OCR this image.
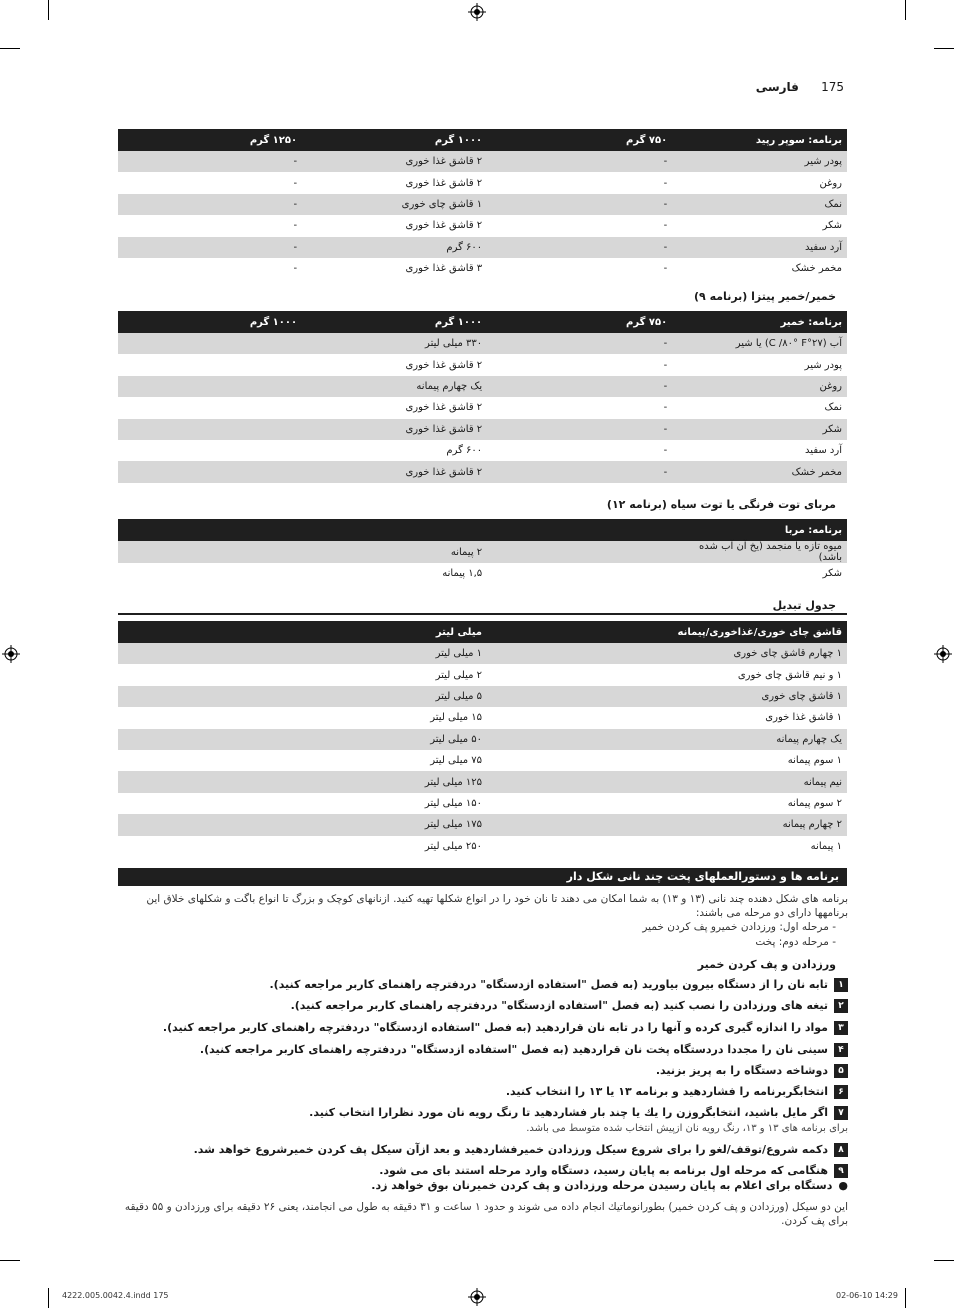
175 فارسی
برنامه: سوپر رپید	۷۵۰ گرم	۱۰۰۰ گرم	۱۲۵۰ گرم
پودر شیر	-	۲ قاشق غذا خوری	-
روغن	-	۲ قاشق غذا خوری	-
نمک	-	۱ قاشق چای خوری	-
شکر	-	۲ قاشق غذا خوری	-
آرد سفید	-	۶۰۰ گرم	-
مخمر خشک	-	۳ قاشق غذا خوری	-
خمیر/خمیر پیتزا (برنامه ۹)
برنامه: خمیر	۷۵۰ گرم	۱۰۰۰ گرم	۱۰۰۰ گرم
آب (۲۷°C /۸۰° F) یا شیر	-	۳۳۰ میلی لیتر	
پودر شیر	-	۲ قاشق غذا خوری	
روغن	-	یک چهارم پیمانه	
نمک	-	۲ قاشق غذا خوری	
شکر	-	۲ قاشق غذا خوری	
آرد سفید	-	۶۰۰ گرم	
مخمر خشک	-	۲ قاشق غذا خوری	
مربای توت فرنگی یا توت سیاه (برنامه ۱۲)
برنامه: مربا			
میوه تازه یا منجمد (یخ آن آب شده باشد)		۲ پیمانه	
شکر		۱,۵ پیمانه	
جدول تبدیل
قاشق چای خوری/غذاخوری/پیمانه	میلی لیتر
۱ چهارم قاشق چای خوری	۱ میلی لیتر
۱ و نیم قاشق چای خوری	۲ میلی لیتر
۱ قاشق چای خوری	۵ میلی لیتر
۱ قاشق غذا خوری	۱۵ میلی لیتر
یک چهارم پیمانه	۵۰ میلی لیتر
۱ سوم پیمانه	۷۵ میلی لیتر
نیم پیمانه	۱۲۵ میلی لیتر
۲ سوم پیمانه	۱۵۰ میلی لیتر
۲ چهارم پیمانه	۱۷۵ میلی لیتر
۱ پیمانه	۲۵۰ میلی لیتر
برنامه ها و دستورالعملهای پخت چند نانی شکل دار
برنامه های شکل دهنده چند نانی (۱۳ و ۱۳) به شما امکان می دهند تا نان خود را در انواع شکلها تهیه کنید. ازنانهای کوچک و بزرگ تا انواع باگت و شکلهای خلاق این برنامهها دارای دو مرحله می باشند:
- مرحله اول: ورزدادن خمیرو پف کردن خمیر
- مرحله دوم: پخت
ورزدادن و پف کردن خمیر
۱تابه نان را از دستگاه بیرون بیاورید (به فصل "استفاده ازدستگاه" دردفترچه راهنمای کاربر مراجعه کنید).
۲تیغه های ورزدادن را نصب کنید (به فصل "استفاده ازدستگاه" دردفترچه راهنمای کاربر مراجعه کنید).
۳مواد را اندازه گیری کرده و آنها را در تابه نان قراردهید (به فصل "استفاده ازدستگاه" دردفترچه راهنمای کاربر مراجعه کنید).
۴سینی نان را مجددا دردستگاه پخت نان قراردهید (به فصل "استفاده ازدستگاه" دردفترچه راهنمای کاربر مراجعه کنید).
۵دوشاخه دستگاه را به پریز بزنید.
۶انتخابگربرنامه را فشاردهید و برنامه ۱۳ یا ۱۳ را انتخاب کنید.
۷اگر مایل باشید، انتخابگروزن را یك یا چند بار فشاردهید تا رنگ رویه نان مورد نظرارا انتخاب کنید.
برای برنامه های ۱۳ و ۱۳، رنگ رویه نان ازپیش انتخاب شده متوسط می باشد.
۸دکمه شروع/توقف/لغو را برای شروع سیکل ورزدادن خمیرفشاردهید و بعد ازآن سیکل پف کردن خمیرشروع خواهد شد.
۹هنگامی که مرحله اول برنامه به پایان رسید، دستگاه وارد مرحله استند بای می شود.
●دستگاه برای اعلام به پایان رسیدن مرحله ورزدادن و پف کردن خمیرنان بوق خواهد زد.
این دو سیکل (ورزدادن و پف کردن خمیر) بطورانوماتیك انجام داده می شوند و حدود ۱ ساعت و ۳۱ دقیقه به طول می انجامند، یعنی ۲۶ دقیقه برای ورزدادن و ۵۵ دقیقه برای پف کردن.
4222.005.0042.4.indd 175	02-06-10 14:29
